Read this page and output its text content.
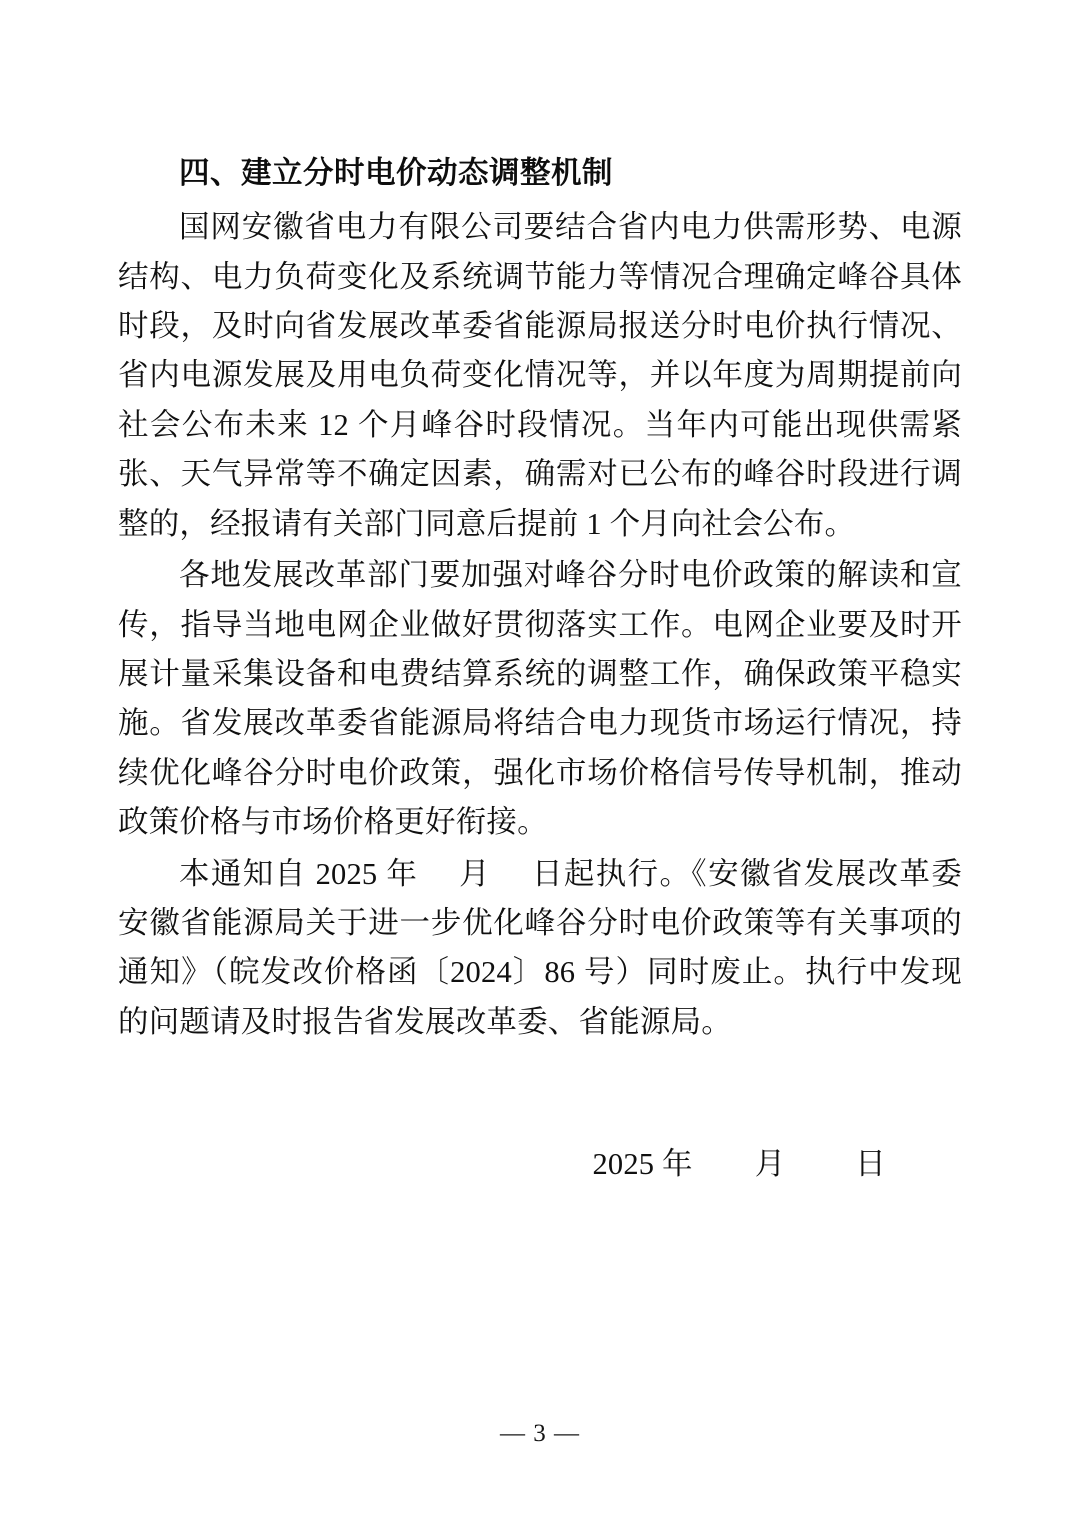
四、建立分时电价动态调整机制

国网安徽省电力有限公司要结合省内电力供需形势、电源结构、电力负荷变化及系统调节能力等情况合理确定峰谷具体时段，及时向省发展改革委省能源局报送分时电价执行情况、省内电源发展及用电负荷变化情况等，并以年度为周期提前向社会公布未来 12 个月峰谷时段情况。当年内可能出现供需紧张、天气异常等不确定因素，确需对已公布的峰谷时段进行调整的，经报请有关部门同意后提前 1 个月向社会公布。

各地发展改革部门要加强对峰谷分时电价政策的解读和宣传，指导当地电网企业做好贯彻落实工作。电网企业要及时开展计量采集设备和电费结算系统的调整工作，确保政策平稳实施。省发展改革委省能源局将结合电力现货市场运行情况，持续优化峰谷分时电价政策，强化市场价格信号传导机制，推动政策价格与市场价格更好衔接。

本通知自 2025 年　 月　 日起执行。《安徽省发展改革委安徽省能源局关于进一步优化峰谷分时电价政策等有关事项的通知》（皖发改价格函〔2024〕86 号）同时废止。执行中发现的问题请及时报告省发展改革委、省能源局。

2025 年　    月　     日
— 3 —
